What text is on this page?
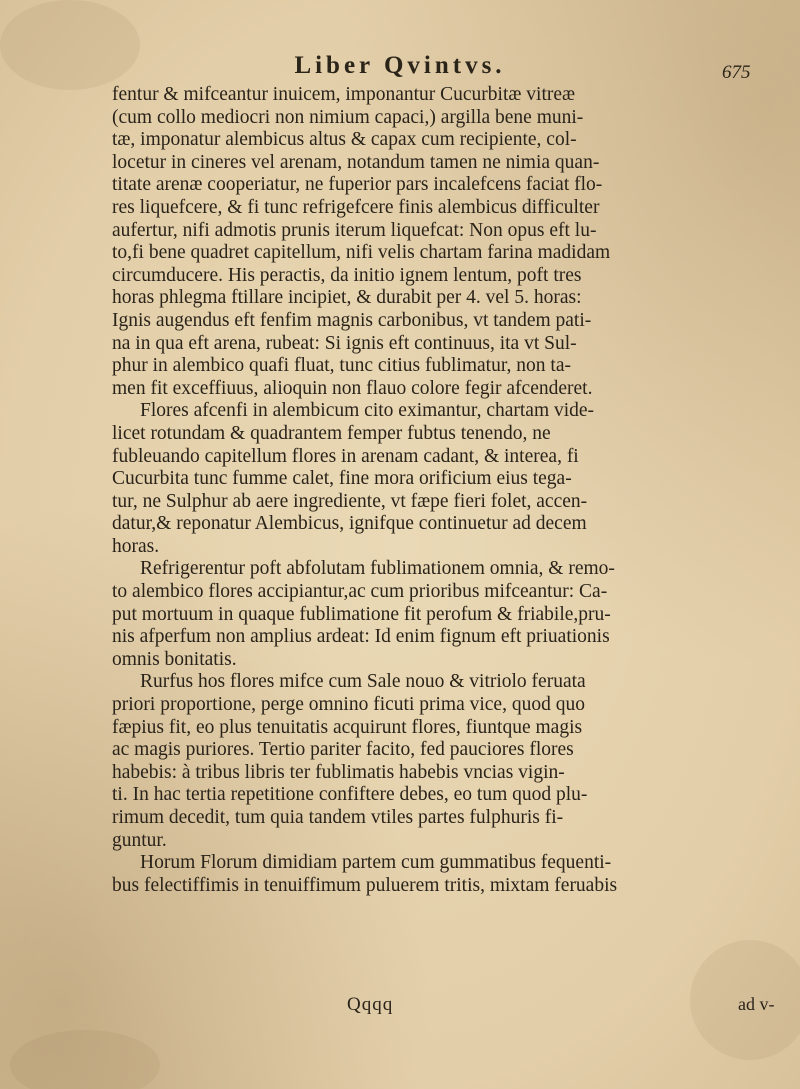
Liber Qvintvs.	675
fentur & mifceantur inuicem, imponantur Cucurbitæ vitreæ
(cum collo mediocri non nimium capaci,) argilla bene muni-
tæ, imponatur alembicus altus & capax cum recipiente, col-
locetur in cineres vel arenam, notandum tamen ne nimia quan-
titate arenæ cooperiatur, ne fuperior pars incalefcens faciat flo-
res liquefcere, & fi tunc refrigefcere finis alembicus difficulter
aufertur, nifi admotis prunis iterum liquefcat: Non opus eft lu-
to,fi bene quadret capitellum, nifi velis chartam farina madidam
circumducere. His peractis, da initio ignem lentum, poft tres
horas phlegma ftillare incipiet, & durabit per 4. vel 5. horas:
Ignis augendus eft fenfim magnis carbonibus, vt tandem pati-
na in qua eft arena, rubeat: Si ignis eft continuus, ita vt Sul-
phur in alembico quafi fluat, tunc citius fublimatur, non ta-
men fit exceffiuus, alioquin non flauo colore fegir afcenderet.
Flores afcenfi in alembicum cito eximantur, chartam vide-
licet rotundam & quadrantem femper fubtus tenendo, ne
fubleuando capitellum flores in arenam cadant, & interea, fi
Cucurbita tunc fumme calet, fine mora orificium eius tega-
tur, ne Sulphur ab aere ingrediente, vt fæpe fieri folet, accen-
datur,& reponatur Alembicus, ignifque continuetur ad decem
horas.
Refrigerentur poft abfolutam fublimationem omnia, & remo-
to alembico flores accipiantur,ac cum prioribus mifceantur: Ca-
put mortuum in quaque fublimatione fit perofum & friabile,pru-
nis afperfum non amplius ardeat: Id enim fignum eft priuationis
omnis bonitatis.
Rurfus hos flores mifce cum Sale nouo & vitriolo feruata
priori proportione, perge omnino ficuti prima vice, quod quo
fæpius fit, eo plus tenuitatis acquirunt flores, fiuntque magis
ac magis puriores. Tertio pariter facito, fed pauciores flores
habebis: à tribus libris ter fublimatis habebis vncias vigin-
ti. In hac tertia repetitione confiftere debes, eo tum quod plu-
rimum decedit, tum quia tandem vtiles partes fulphuris fi-
guntur.
Horum Florum dimidiam partem cum gummatibus fequenti-
bus felectiffimis in tenuiffimum puluerem tritis, mixtam feruabis
Qqqq	ad v-
